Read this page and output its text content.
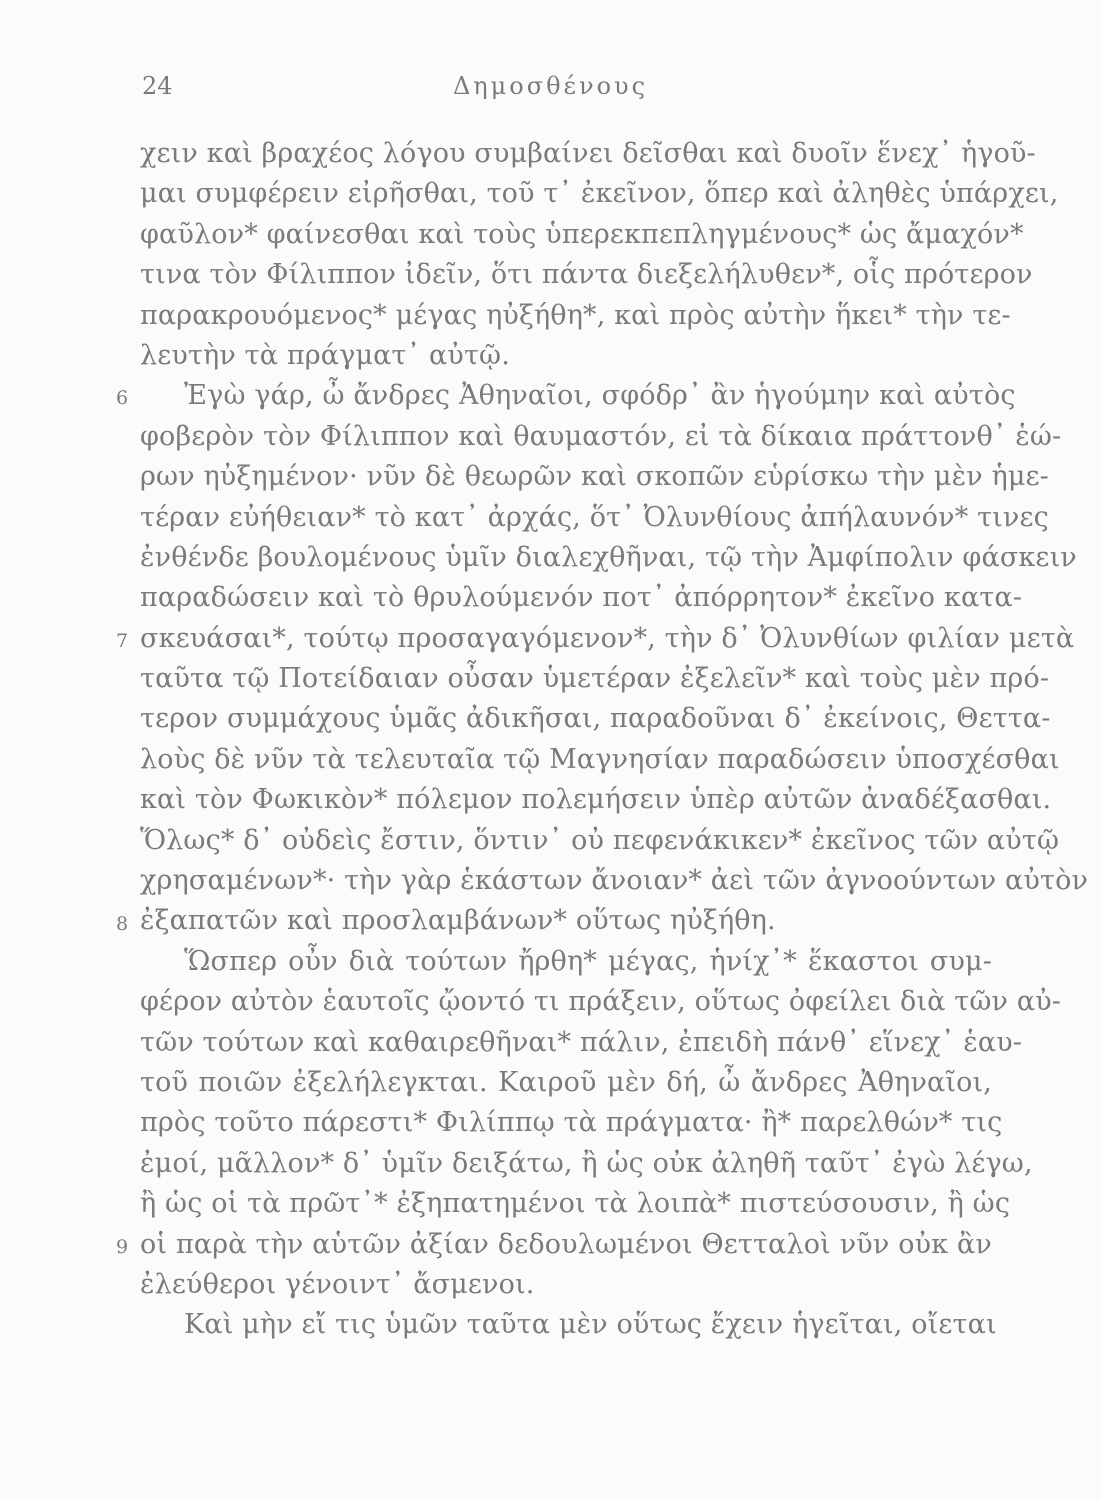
24	Δημοσθένους
χειν καὶ βραχέος λόγου συμβαίνει δεῖσθαι καὶ δυοῖν ἕνεχ᾽ ἡγοῦ-
μαι συμφέρειν εἰρῆσθαι, τοῦ τ᾽ ἐκεῖνον, ὅπερ καὶ ἀληθὲς ὑπάρχει,
φαῦλον* φαίνεσθαι καὶ τοὺς ὑπερεκπεπληγμένους* ὡς ἄμαχόν*
τινα τὸν Φίλιππον ἰδεῖν, ὅτι πάντα διεξελήλυθεν*, οἷς πρότερον
παρακρουόμενος* μέγας ηὐξήθη*, καὶ πρὸς αὐτὴν ἥκει* τὴν τε-
λευτὴν τὰ πράγματ᾽ αὐτῷ.
Ἐγὼ γάρ, ὦ ἄνδρες Ἀθηναῖοι, σφόδρ᾽ ἂν ἡγούμην καὶ αὐτὸς
φοβερὸν τὸν Φίλιππον καὶ θαυμαστόν, εἰ τὰ δίκαια πράττονθ᾽ ἑώ-
ρων ηὐξημένον· νῦν δὲ θεωρῶν καὶ σκοπῶν εὑρίσκω τὴν μὲν ἡμε-
τέραν εὐήθειαν* τὸ κατ᾽ ἀρχάς, ὅτ᾽ Ὀλυνθίους ἀπήλαυνόν* τινες
ἐνθένδε βουλομένους ὑμῖν διαλεχθῆναι, τῷ τὴν Ἀμφίπολιν φάσκειν
παραδώσειν καὶ τὸ θρυλούμενόν ποτ᾽ ἀπόρρητον* ἐκεῖνο κατα-
σκευάσαι*, τούτῳ προσαγαγόμενον*, τὴν δ᾽ Ὀλυνθίων φιλίαν μετὰ
ταῦτα τῷ Ποτείδαιαν οὖσαν ὑμετέραν ἐξελεῖν* καὶ τοὺς μὲν πρό-
τερον συμμάχους ὑμᾶς ἀδικῆσαι, παραδοῦναι δ᾽ ἐκείνοις, Θεττα-
λοὺς δὲ νῦν τὰ τελευταῖα τῷ Μαγνησίαν παραδώσειν ὑποσχέσθαι
καὶ τὸν Φωκικὸν* πόλεμον πολεμήσειν ὑπὲρ αὐτῶν ἀναδέξασθαι.
Ὅλως* δ᾽ οὐδεὶς ἔστιν, ὅντιν᾽ οὐ πεφενάκικεν* ἐκεῖνος τῶν αὐτῷ
χρησαμένων*· τὴν γὰρ ἑκάστων ἄνοιαν* ἀεὶ τῶν ἀγνοούντων αὐτὸν
ἐξαπατῶν καὶ προσλαμβάνων* οὕτως ηὐξήθη.
Ὥσπερ οὖν διὰ τούτων ἤρθη* μέγας, ἡνίχ᾽* ἕκαστοι συμ-
φέρον αὐτὸν ἑαυτοῖς ᾤοντό τι πράξειν, οὕτως ὀφείλει διὰ τῶν αὐ-
τῶν τούτων καὶ καθαιρεθῆναι* πάλιν, ἐπειδὴ πάνθ᾽ εἵνεχ᾽ ἑαυ-
τοῦ ποιῶν ἐξελήλεγκται. Καιροῦ μὲν δή, ὦ ἄνδρες Ἀθηναῖοι,
πρὸς τοῦτο πάρεστι* Φιλίππῳ τὰ πράγματα· ἢ* παρελθών* τις
ἐμοί, μᾶλλον* δ᾽ ὑμῖν δειξάτω, ἢ ὡς οὐκ ἀληθῆ ταῦτ᾽ ἐγὼ λέγω,
ἢ ὡς οἱ τὰ πρῶτ᾽* ἐξηπατημένοι τὰ λοιπὰ* πιστεύσουσιν, ἢ ὡς
οἱ παρὰ τὴν αὑτῶν ἀξίαν δεδουλωμένοι Θετταλοὶ νῦν οὐκ ἂν
ἐλεύθεροι γένοιντ᾽ ἄσμενοι.
Καὶ μὴν εἴ τις ὑμῶν ταῦτα μὲν οὕτως ἔχειν ἡγεῖται, οἴεται
6
7
8
9
